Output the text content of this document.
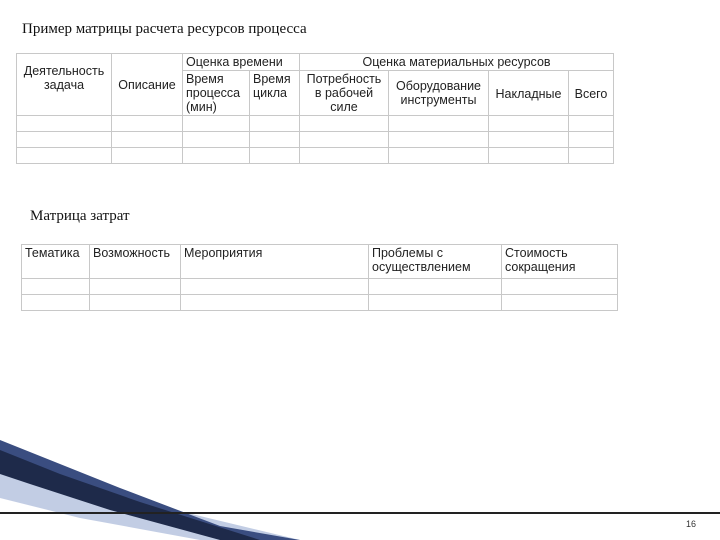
Пример матрицы расчета ресурсов процесса
Деятельность задача	Описание	Оценка времени		Оценка материальных ресурсов			
		Время процесса (мин)	Время цикла	Потребность в рабочей силе	Оборудование инструменты	Накладные	Всего

Матрица затрат
Тематика	Возможность	Мероприятия	Проблемы с осуществлением	Стоимость сокращения

16
